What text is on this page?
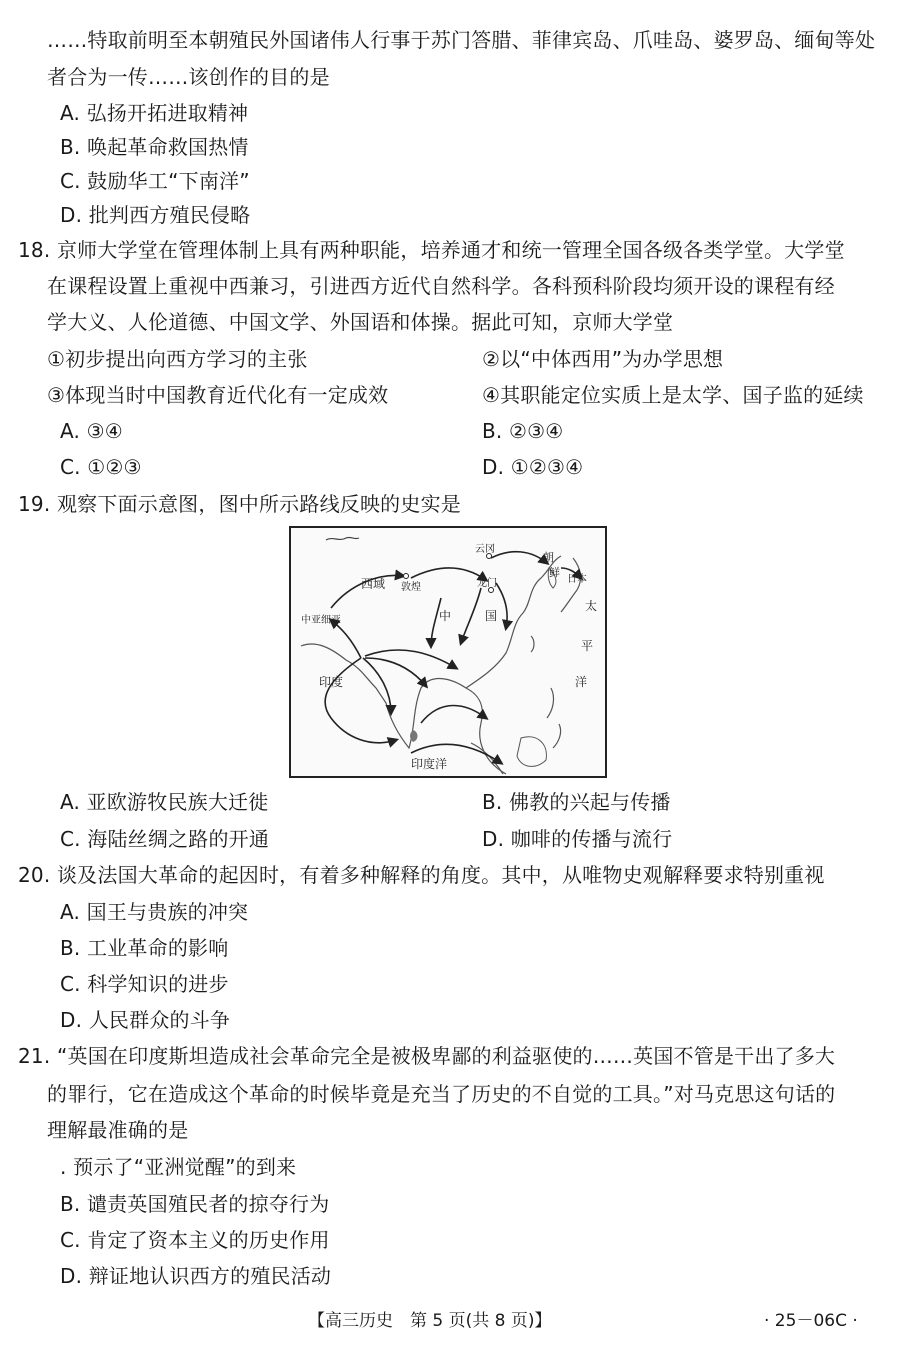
……特取前明至本朝殖民外国诸伟人行事于苏门答腊、菲律宾岛、爪哇岛、婆罗岛、缅甸等处
者合为一传……该创作的目的是
A. 弘扬开拓进取精神
B. 唤起革命救国热情
C. 鼓励华工“下南洋”
D. 批判西方殖民侵略
18. 京师大学堂在管理体制上具有两种职能，培养通才和统一管理全国各级各类学堂。大学堂
在课程设置上重视中西兼习，引进西方近代自然科学。各科预科阶段均须开设的课程有经
学大义、人伦道德、中国文学、外国语和体操。据此可知，京师大学堂
①初步提出向西方学习的主张	②以“中体西用”为办学思想
③体现当时中国教育近代化有一定成效	④其职能定位实质上是太学、国子监的延续
A. ③④	B. ②③④
C. ①②③	D. ①②③④
19. 观察下面示意图，图中所示路线反映的史实是
云冈
朝
鲜
日本
西域 敦煌	龙门
中	国
太
平
洋
中亚细亚
印度
印度洋
A. 亚欧游牧民族大迁徙	B. 佛教的兴起与传播
C. 海陆丝绸之路的开通	D. 咖啡的传播与流行
20. 谈及法国大革命的起因时，有着多种解释的角度。其中，从唯物史观解释要求特别重视
A. 国王与贵族的冲突
B. 工业革命的影响
C. 科学知识的进步
D. 人民群众的斗争
21. “英国在印度斯坦造成社会革命完全是被极卑鄙的利益驱使的……英国不管是干出了多大
的罪行，它在造成这个革命的时候毕竟是充当了历史的不自觉的工具。”对马克思这句话的
理解最准确的是
. 预示了“亚洲觉醒”的到来
B. 谴责英国殖民者的掠夺行为
C. 肯定了资本主义的历史作用
D. 辩证地认识西方的殖民活动
【高三历史　第 5 页(共 8 页)】	· 25－06C ·
